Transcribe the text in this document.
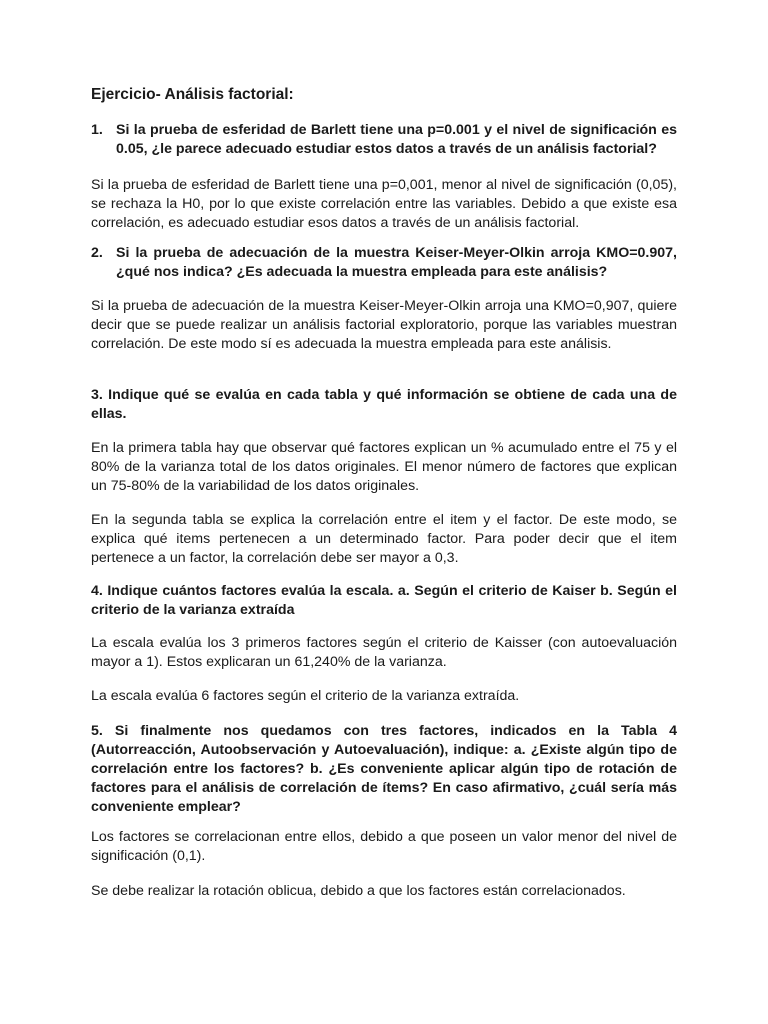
Ejercicio- Análisis factorial:
1. Si la prueba de esferidad de Barlett tiene una p=0.001 y el nivel de significación es 0.05, ¿le parece adecuado estudiar estos datos a través de un análisis factorial?

Si la prueba de esferidad de Barlett tiene una p=0,001, menor al nivel de significación (0,05), se rechaza la H0, por lo que existe correlación entre las variables. Debido a que existe esa correlación, es adecuado estudiar esos datos a través de un análisis factorial.

2. Si la prueba de adecuación de la muestra Keiser-Meyer-Olkin arroja KMO=0.907, ¿qué nos indica? ¿Es adecuada la muestra empleada para este análisis?

Si la prueba de adecuación de la muestra Keiser-Meyer-Olkin arroja una KMO=0,907, quiere decir que se puede realizar un análisis factorial exploratorio, porque las variables muestran correlación. De este modo sí es adecuada la muestra empleada para este análisis.

3. Indique qué se evalúa en cada tabla y qué información se obtiene de cada una de ellas.

En la primera tabla hay que observar qué factores explican un % acumulado entre el 75 y el 80% de la varianza total de los datos originales. El menor número de factores que explican un 75-80% de la variabilidad de los datos originales.

En la segunda tabla se explica la correlación entre el item y el factor. De este modo, se explica qué items pertenecen a un determinado factor. Para poder decir que el item pertenece a un factor, la correlación debe ser mayor a 0,3.

4. Indique cuántos factores evalúa la escala. a. Según el criterio de Kaiser b. Según el criterio de la varianza extraída

La escala evalúa los 3 primeros factores según el criterio de Kaisser (con autoevaluación mayor a 1). Estos explicaran un 61,240% de la varianza.

La escala evalúa 6 factores según el criterio de la varianza extraída.

5. Si finalmente nos quedamos con tres factores, indicados en la Tabla 4 (Autorreacción, Autoobservación y Autoevaluación), indique: a. ¿Existe algún tipo de correlación entre los factores? b. ¿Es conveniente aplicar algún tipo de rotación de factores para el análisis de correlación de ítems? En caso afirmativo, ¿cuál sería más conveniente emplear?

Los factores se correlacionan entre ellos, debido a que poseen un valor menor del nivel de significación (0,1).

Se debe realizar la rotación oblicua, debido a que los factores están correlacionados.
